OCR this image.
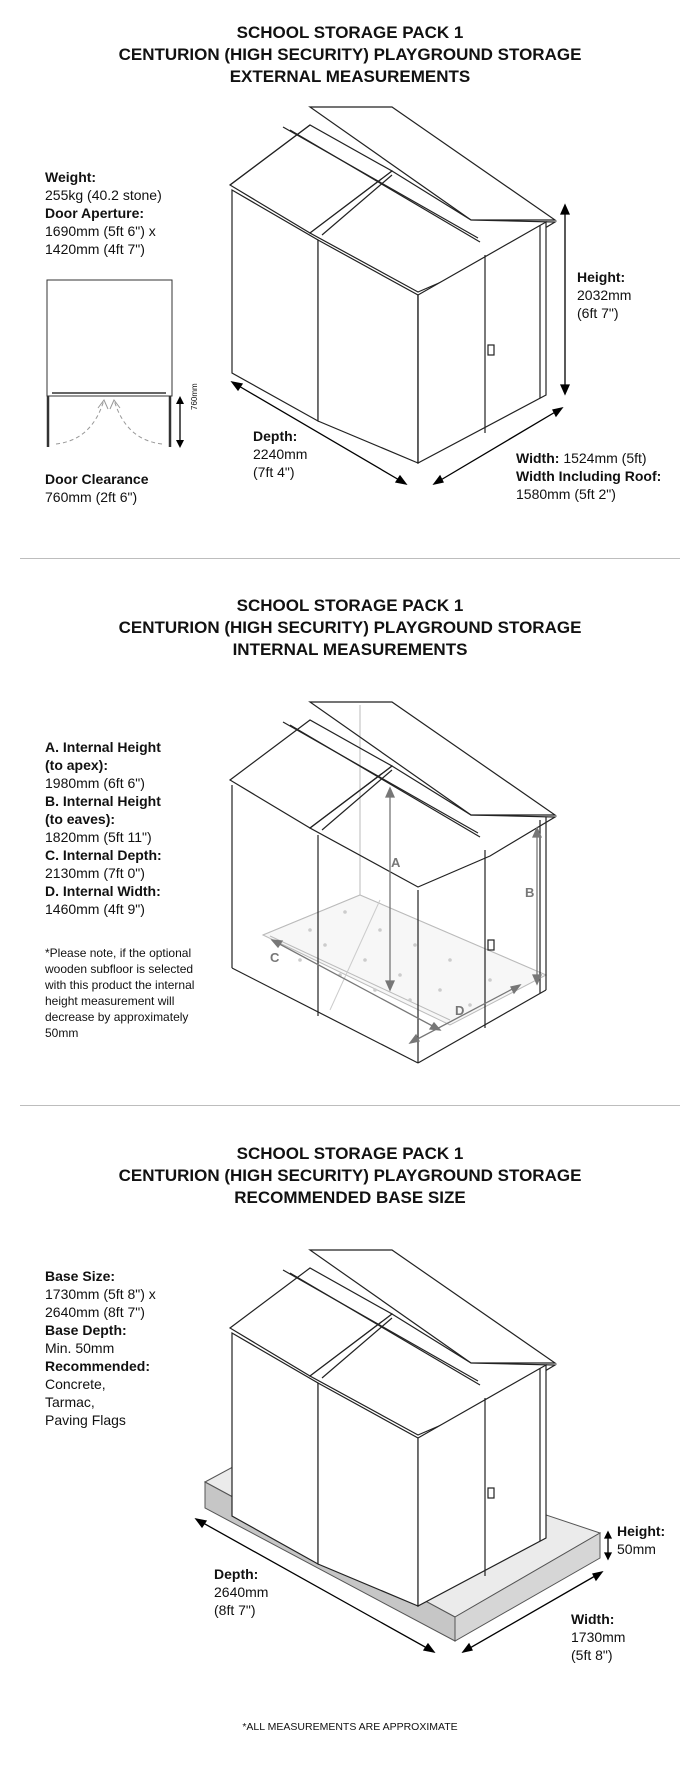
SCHOOL STORAGE PACK 1
CENTURION (HIGH SECURITY) PLAYGROUND STORAGE
EXTERNAL MEASUREMENTS
Weight:
255kg (40.2 stone)
Door Aperture:
1690mm (5ft 6") x
1420mm (4ft 7")
760mm
Door Clearance
760mm (2ft 6")
Height:
2032mm
(6ft 7")
Depth:
2240mm
(7ft 4")
Width: 1524mm (5ft)
Width Including Roof:
1580mm (5ft 2")
SCHOOL STORAGE PACK 1
CENTURION (HIGH SECURITY) PLAYGROUND STORAGE
INTERNAL MEASUREMENTS
A. Internal Height
(to apex):
1980mm (6ft 6")
B. Internal Height
(to eaves):
1820mm (5ft 11")
C. Internal Depth:
2130mm (7ft 0")
D. Internal Width:
1460mm (4ft 9")
*Please note, if the optional
wooden subfloor is selected
with this product the internal
height measurement will
decrease by approximately
50mm
A
B
C
D
SCHOOL STORAGE PACK 1
CENTURION (HIGH SECURITY) PLAYGROUND STORAGE
RECOMMENDED BASE SIZE
Base Size:
1730mm (5ft 8") x
2640mm (8ft 7")
Base Depth:
Min. 50mm
Recommended:
Concrete,
Tarmac,
Paving Flags
Height:
50mm
Depth:
2640mm
(8ft 7")
Width:
1730mm
(5ft 8")
*ALL MEASUREMENTS ARE APPROXIMATE
